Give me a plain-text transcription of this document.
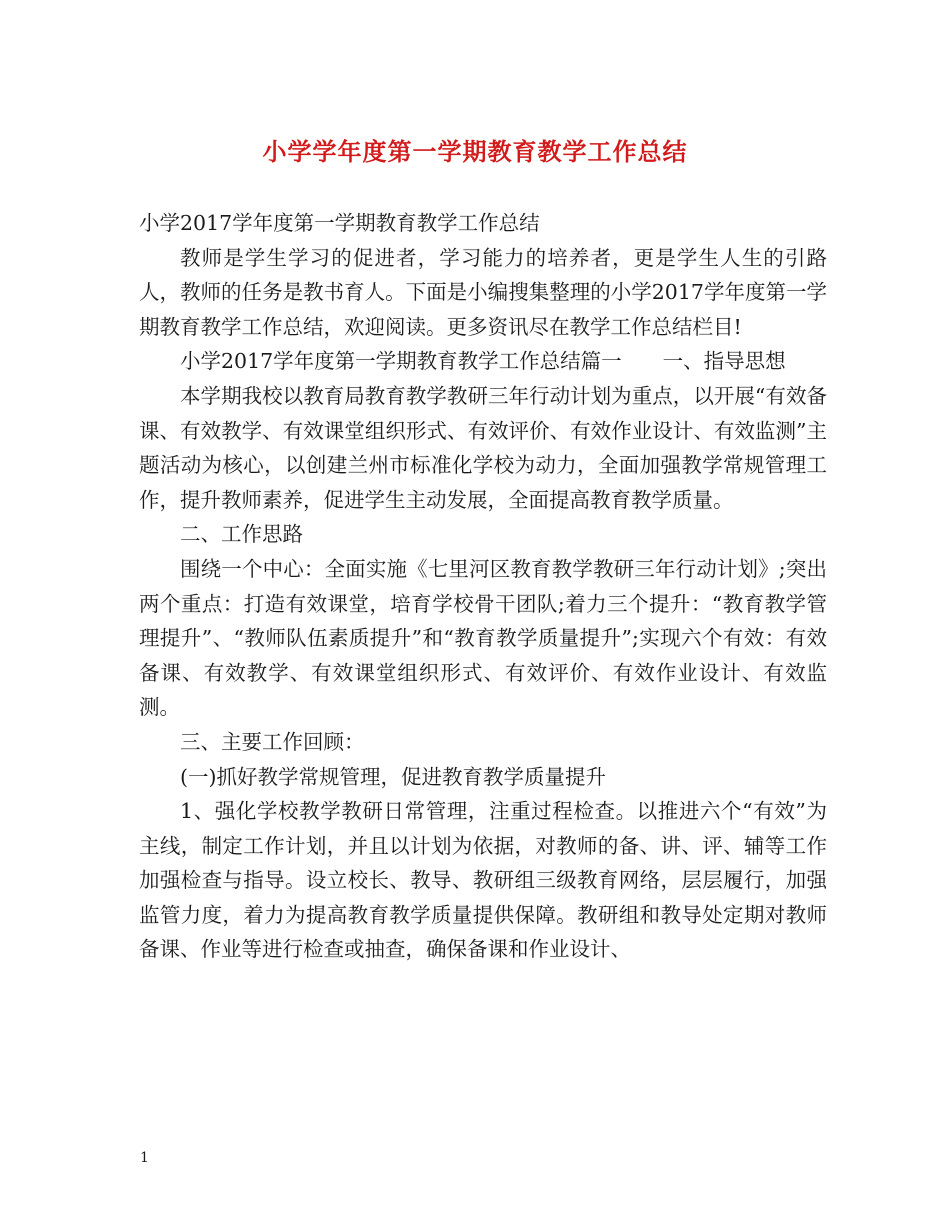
小学学年度第一学期教育教学工作总结

小学2017学年度第一学期教育教学工作总结

教师是学生学习的促进者，学习能力的培养者，更是学生人生的引路人，教师的任务是教书育人。下面是小编搜集整理的小学2017学年度第一学期教育教学工作总结，欢迎阅读。更多资讯尽在教学工作总结栏目!

小学2017学年度第一学期教育教学工作总结篇一　　一、指导思想

本学期我校以教育局教育教学教研三年行动计划为重点，以开展“有效备课、有效教学、有效课堂组织形式、有效评价、有效作业设计、有效监测”主题活动为核心，以创建兰州市标准化学校为动力，全面加强教学常规管理工作，提升教师素养，促进学生主动发展，全面提高教育教学质量。

二、工作思路

围绕一个中心：全面实施《七里河区教育教学教研三年行动计划》;突出两个重点：打造有效课堂，培育学校骨干团队;着力三个提升：“教育教学管理提升”、“教师队伍素质提升”和“教育教学质量提升”;实现六个有效：有效备课、有效教学、有效课堂组织形式、有效评价、有效作业设计、有效监测。

三、主要工作回顾：

(一)抓好教学常规管理，促进教育教学质量提升

1、强化学校教学教研日常管理，注重过程检查。以推进六个“有效”为主线，制定工作计划，并且以计划为依据，对教师的备、讲、评、辅等工作加强检查与指导。设立校长、教导、教研组三级教育网络，层层履行，加强监管力度，着力为提高教育教学质量提供保障。教研组和教导处定期对教师备课、作业等进行检查或抽查，确保备课和作业设计、

1
